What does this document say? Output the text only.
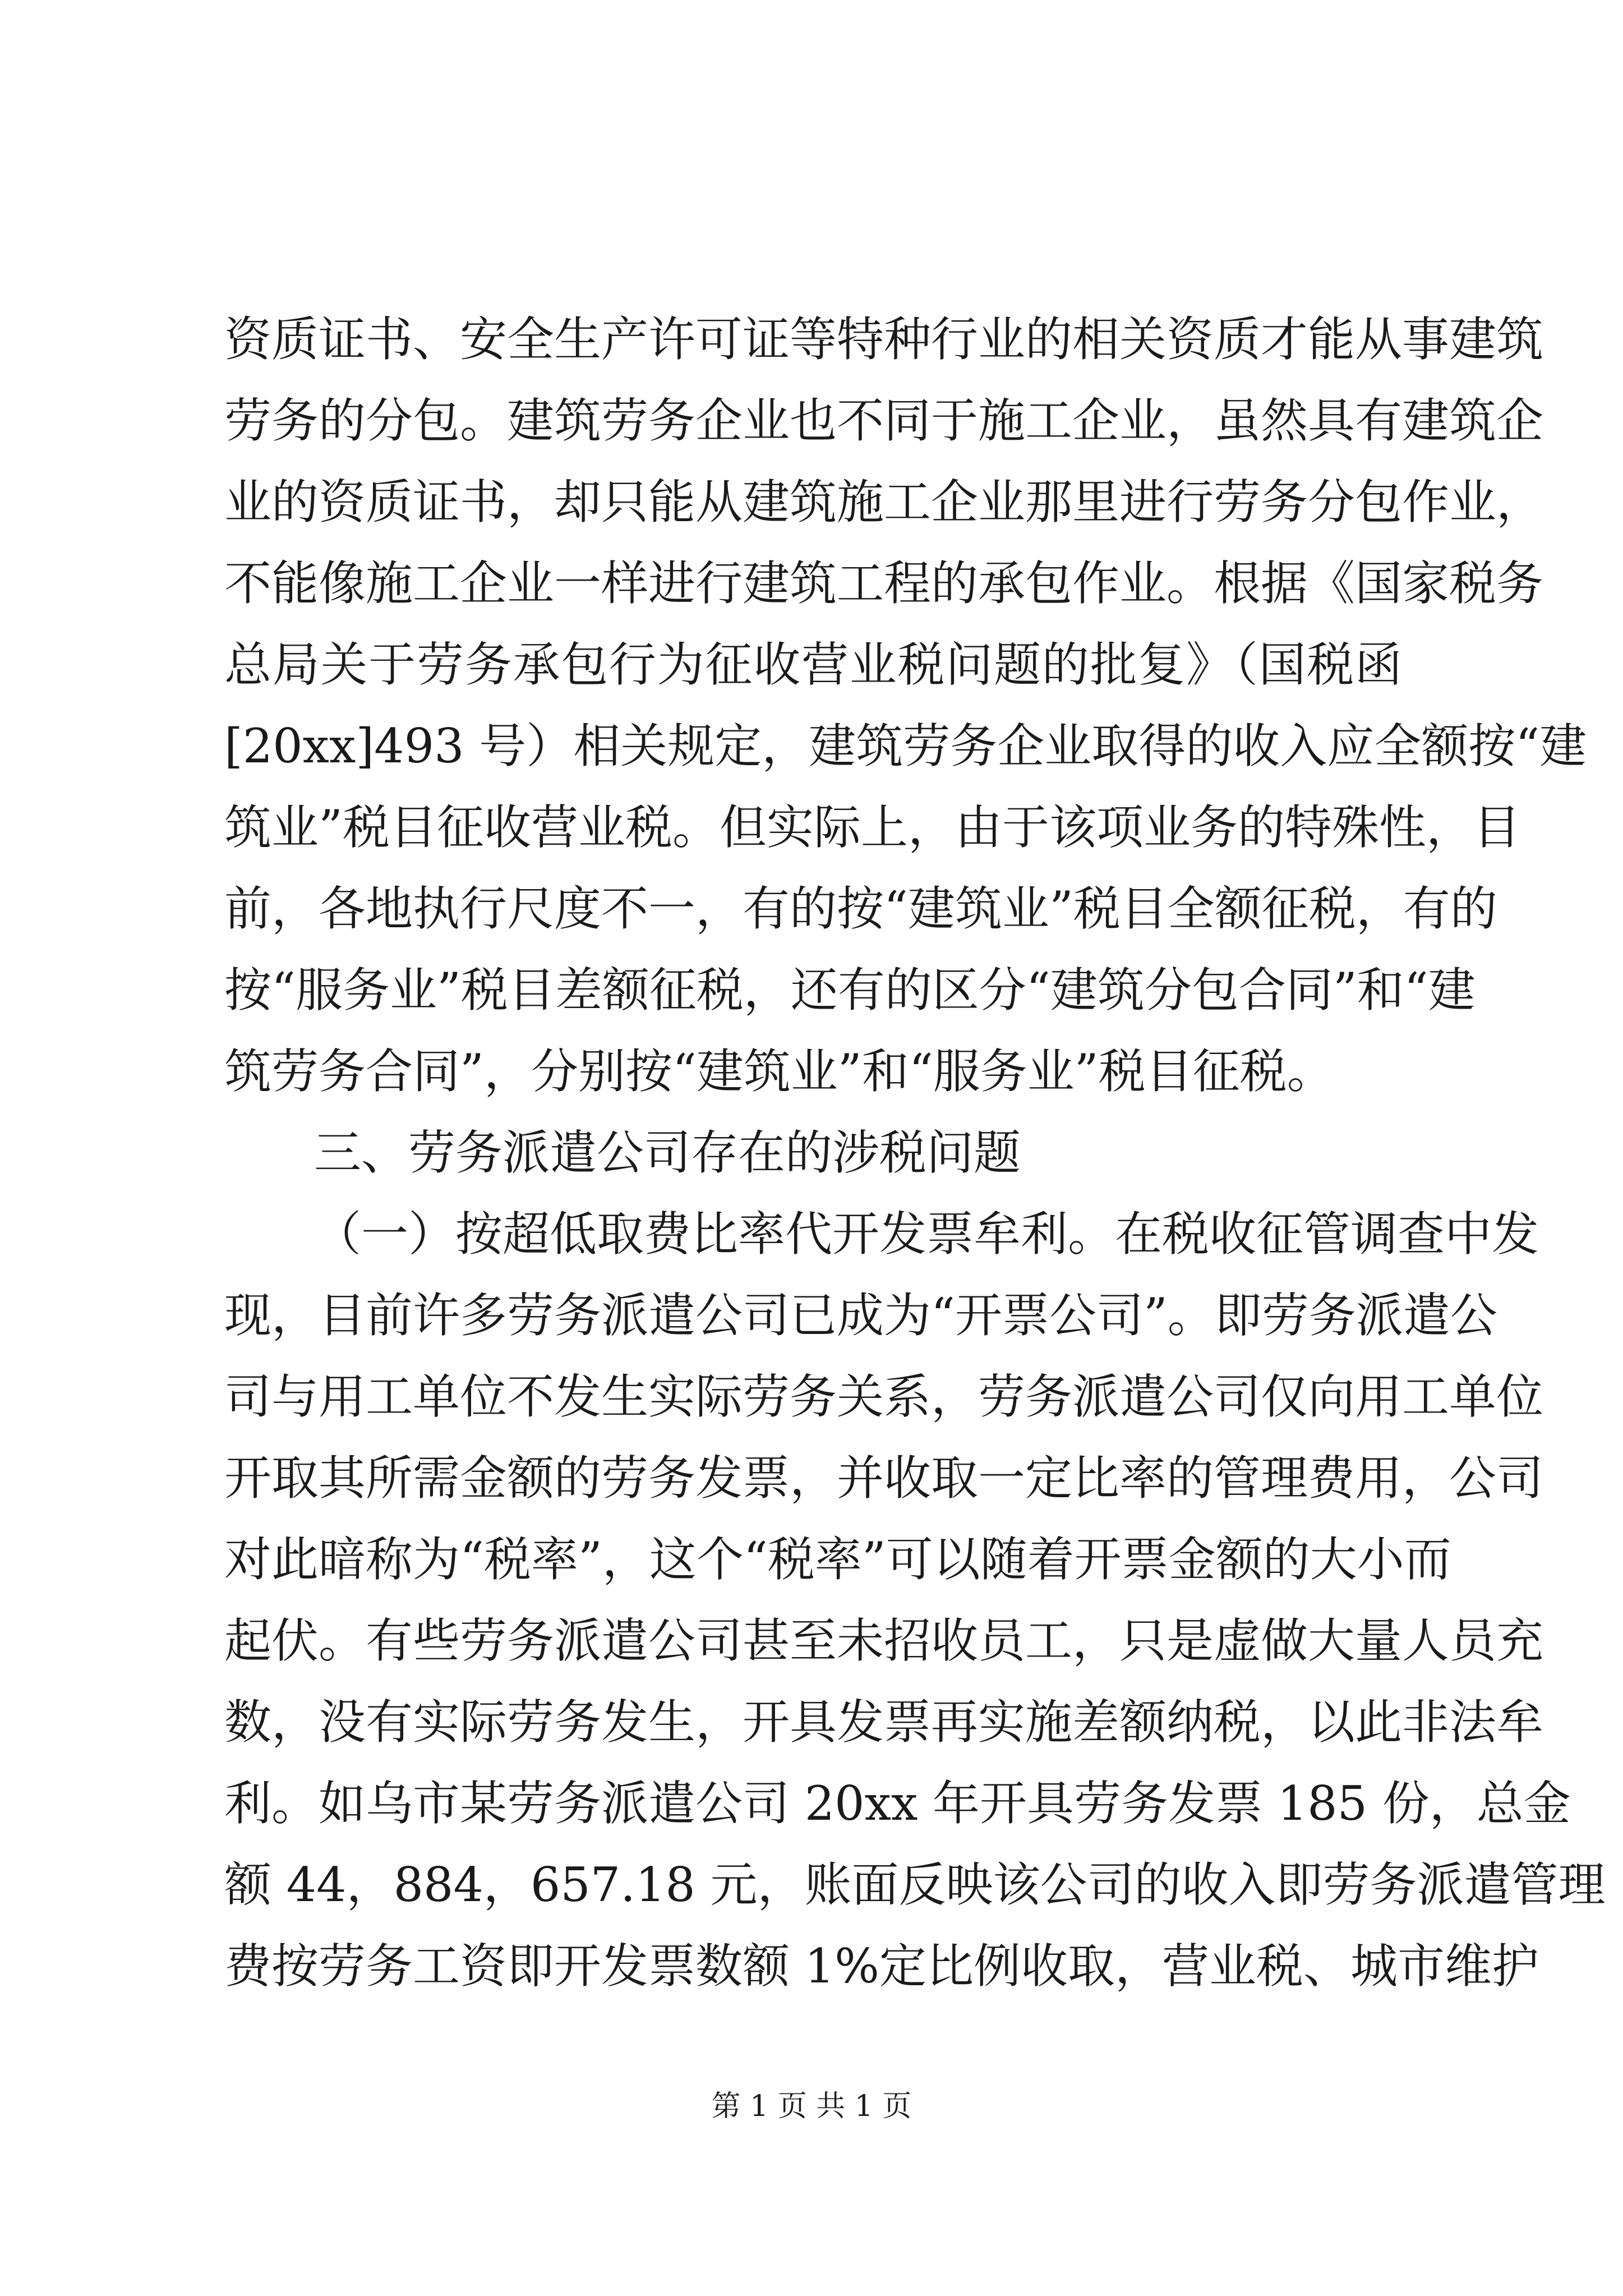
资质证书、安全生产许可证等特种行业的相关资质才能从事建筑
劳务的分包。建筑劳务企业也不同于施工企业，虽然具有建筑企
业的资质证书，却只能从建筑施工企业那里进行劳务分包作业，
不能像施工企业一样进行建筑工程的承包作业。根据《国家税务
总局关于劳务承包行为征收营业税问题的批复》（国税函
[20xx]493 号）相关规定，建筑劳务企业取得的收入应全额按“建
筑业”税目征收营业税。但实际上，由于该项业务的特殊性，目
前，各地执行尺度不一，有的按“建筑业”税目全额征税，有的
按“服务业”税目差额征税，还有的区分“建筑分包合同”和“建
筑劳务合同”，分别按“建筑业”和“服务业”税目征税。
三、劳务派遣公司存在的涉税问题
（一）按超低取费比率代开发票牟利。在税收征管调查中发
现，目前许多劳务派遣公司已成为“开票公司”。即劳务派遣公
司与用工单位不发生实际劳务关系，劳务派遣公司仅向用工单位
开取其所需金额的劳务发票，并收取一定比率的管理费用，公司
对此暗称为“税率”，这个“税率”可以随着开票金额的大小而
起伏。有些劳务派遣公司甚至未招收员工，只是虚做大量人员充
数，没有实际劳务发生，开具发票再实施差额纳税，以此非法牟
利。如乌市某劳务派遣公司 20xx 年开具劳务发票 185 份，总金
额 44，884，657.18 元，账面反映该公司的收入即劳务派遣管理
费按劳务工资即开发票数额 1%定比例收取，营业税、城市维护
第 1 页 共 1 页
